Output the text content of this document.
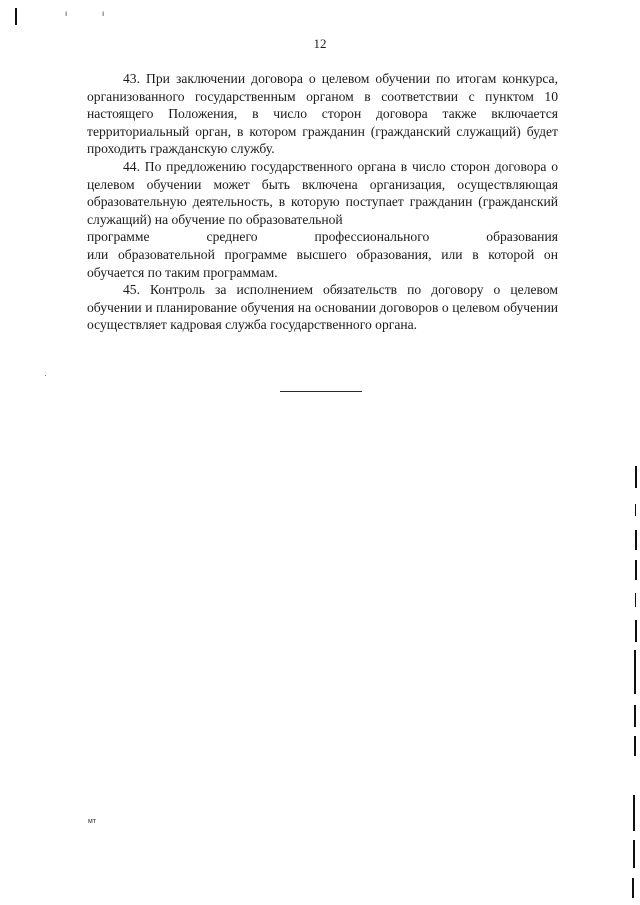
ı	ı
·
12

43. При заключении договора о целевом обучении по итогам конкурса, организованного государственным органом в соответствии с пунктом 10 настоящего Положения, в число сторон договора также включается территориальный орган, в котором гражданин (гражданский служащий) будет проходить гражданскую службу.

44. По предложению государственного органа в число сторон договора о целевом обучении может быть включена организация, осуществляющая образовательную деятельность, в которую поступает гражданин (гражданский служащий) на обучение по образовательной
программе	среднего	профессионального	образования
или образовательной программе высшего образования, или в которой он обучается по таким программам.

45. Контроль за исполнением обязательств по договору о целевом обучении и планирование обучения на основании договоров о целевом обучении осуществляет кадровая служба государственного органа.

мт
